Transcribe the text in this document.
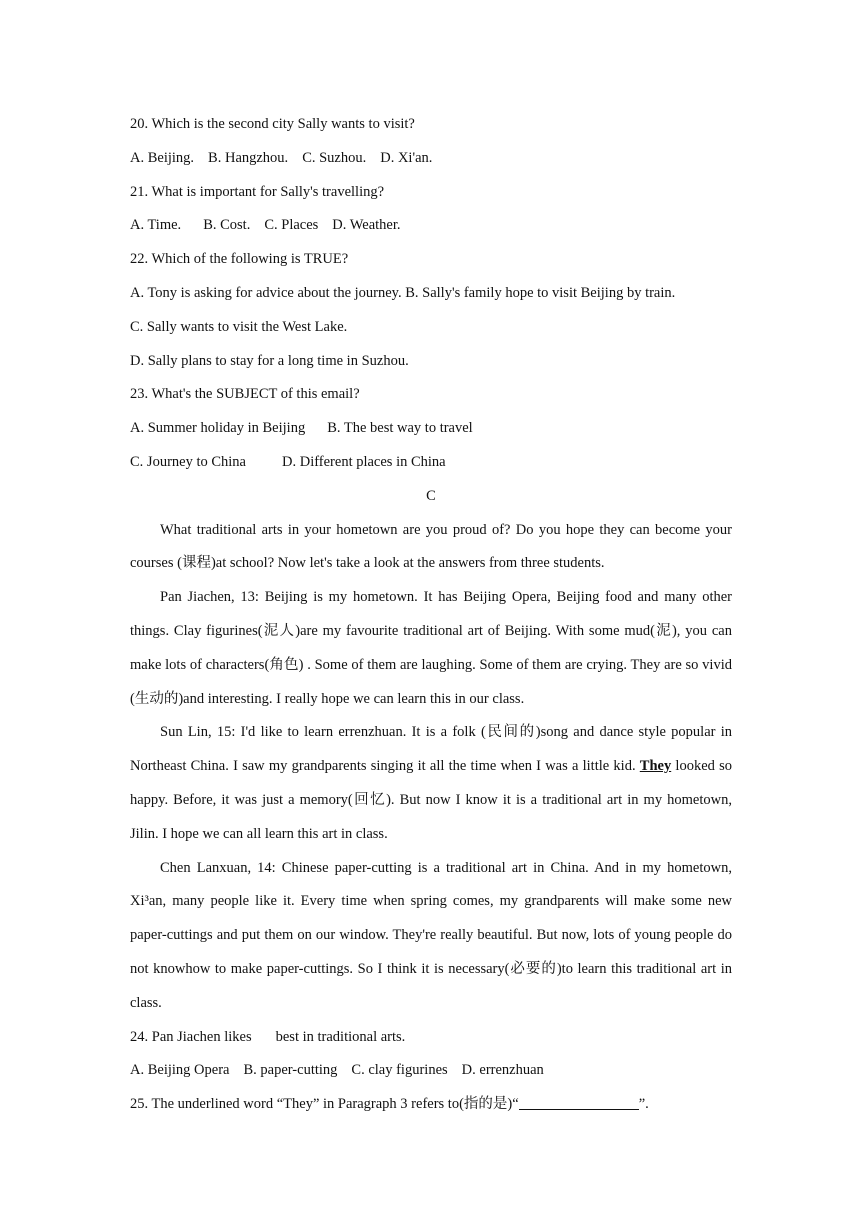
20. Which is the second city Sally wants to visit?
A. Beijing. B. Hangzhou. C. Suzhou. D. Xi'an.
21. What is important for Sally's travelling?
A. Time. B. Cost. C. Places D. Weather.
22. Which of the following is TRUE?
A. Tony is asking for advice about the journey. B. Sally's family hope to visit Beijing by train.
C. Sally wants to visit the West Lake.
D. Sally plans to stay for a long time in Suzhou.
23. What's the SUBJECT of this email?
A. Summer holiday in Beijing B. The best way to travel
C. Journey to China D. Different places in China
C
What traditional arts in your hometown are you proud of? Do you hope they can become your courses (课程)at school? Now let's take a look at the answers from three students.
Pan Jiachen, 13: Beijing is my hometown. It has Beijing Opera, Beijing food and many other things. Clay figurines(泥人)are my favourite traditional art of Beijing. With some mud(泥), you can make lots of characters(角色) . Some of them are laughing. Some of them are crying. They are so vivid (生动的)and interesting. I really hope we can learn this in our class.
Sun Lin, 15: I'd like to learn errenzhuan. It is a folk (民间的)song and dance style popular in Northeast China. I saw my grandparents singing it all the time when I was a little kid. They looked so happy. Before, it was just a memory(回忆). But now I know it is a traditional art in my hometown, Jilin. I hope we can all learn this art in class.
Chen Lanxuan, 14: Chinese paper-cutting is a traditional art in China. And in my hometown, Xi³an, many people like it. Every time when spring comes, my grandparents will make some new paper-cuttings and put them on our window. They're really beautiful. But now, lots of young people do not knowhow to make paper-cuttings. So I think it is necessary(必要的)to learn this traditional art in class.
24. Pan Jiachen likes best in traditional arts.
A. Beijing Opera B. paper-cutting C. clay figurines D. errenzhuan
25. The underlined word “They” in Paragraph 3 refers to(指的是)“	”.
